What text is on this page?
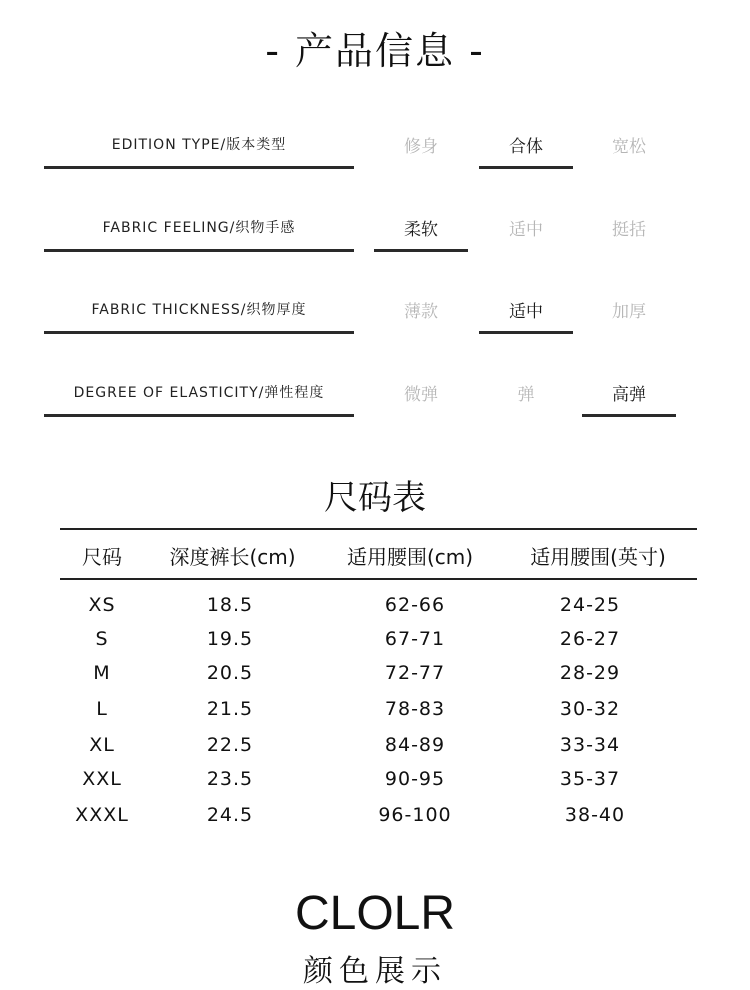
- 产品信息 -
EDITION TYPE/版本类型	修身	合体	宽松
FABRIC FEELING/织物手感	柔软	适中	挺括
FABRIC THICKNESS/织物厚度	薄款	适中	加厚
DEGREE OF ELASTICITY/弹性程度	微弹	弹	高弹
尺码表
尺码	深度裤长(cm)	适用腰围(cm)	适用腰围(英寸)
XS	18.5	62-66	24-25
S	19.5	67-71	26-27
M	20.5	72-77	28-29
L	21.5	78-83	30-32
XL	22.5	84-89	33-34
XXL	23.5	90-95	35-37
XXXL	24.5	96-100	38-40
CLOLR
颜色展示
